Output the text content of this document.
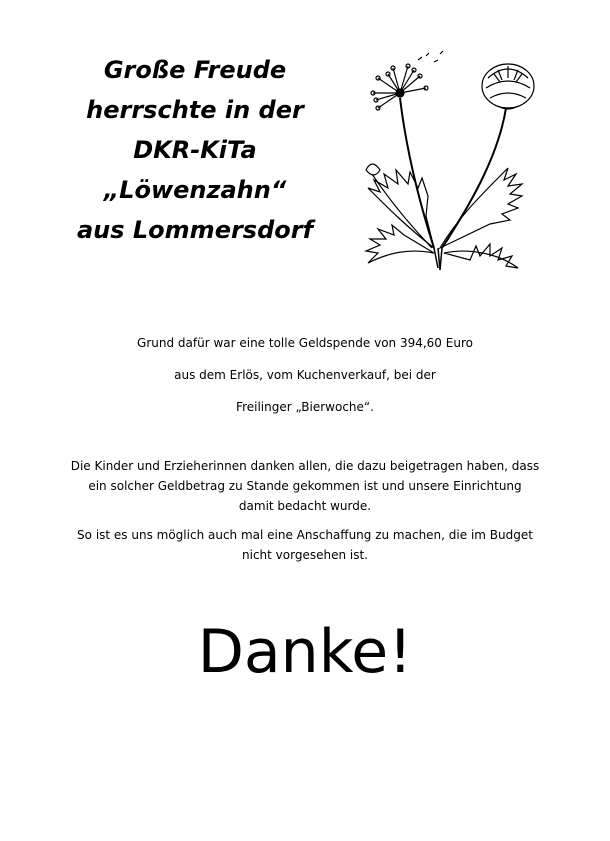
Große Freude
herrschte in der
DKR-KiTa
„Löwenzahn“
aus Lommersdorf
Grund dafür war eine tolle Geldspende von 394,60 Euro
aus dem Erlös, vom Kuchenverkauf, bei der
Freilinger „Bierwoche“.
Die Kinder und Erzieherinnen danken allen, die dazu beigetragen haben, dass ein solcher Geldbetrag zu Stande gekommen ist und unsere Einrichtung damit bedacht wurde.
So ist es uns möglich auch mal eine Anschaffung zu machen, die im Budget nicht vorgesehen ist.
Danke!
